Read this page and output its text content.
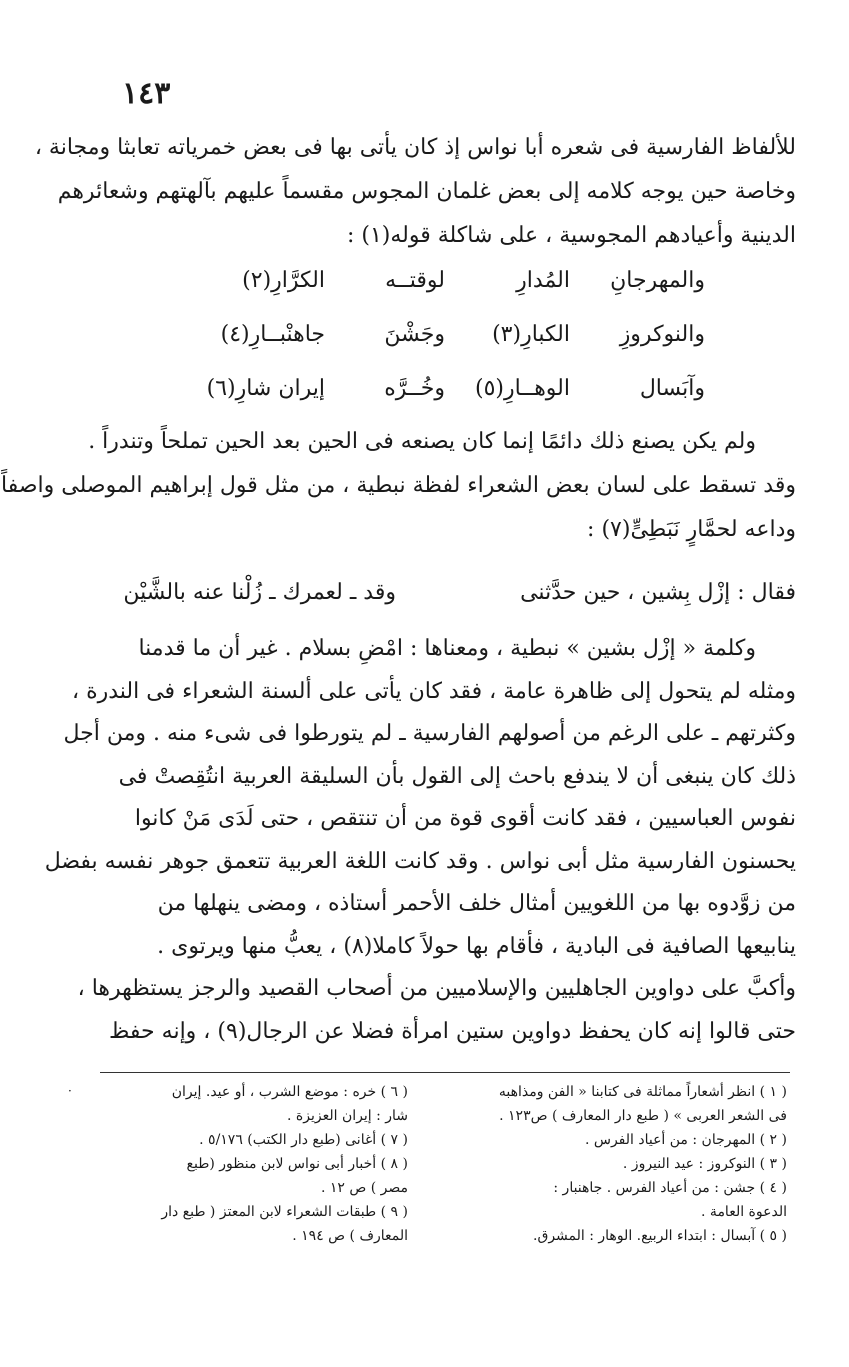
١٤٣
للألفاظ الفارسية فى شعره أبا نواس إذ كان يأتى بها فى بعض خمرياته تعابثا ومجانة ،
وخاصة حين يوجه كلامه إلى بعض غلمان المجوس مقسماً عليهم بآلهتهم وشعائرهم
الدينية وأعيادهم المجوسية ، على شاكلة قوله(١) :
والمهرجانِ
المُدارِ
لوقتــه
الكرَّارِ(٢)
والنوكروزِ
الكبارِ(٣)
وجَشْنَ
جاهنْبــارِ(٤)
وآبَسال
الوهــارِ(٥)
وخُــرَّه
إيران شارِ(٦)
ولم يكن يصنع ذلك دائمًا إنما كان يصنعه فى الحين بعد الحين تملحاً وتندراً .
وقد تسقط على لسان بعض الشعراء لفظة نبطية ، من مثل قول إبراهيم الموصلى واصفاً
وداعه لحمَّارٍ نَبَطِىٍّ(٧) :
فقال : إزْل بِشين ، حين حدَّثنى
وقد ـ لعمرك ـ زُلْنا عنه بالشَّيْن
وكلمة « إزْل بشين » نبطية ، ومعناها : امْضِ بسلام . غير أن ما قدمنا
ومثله لم يتحول إلى ظاهرة عامة ، فقد كان يأتى على ألسنة الشعراء فى الندرة ،
وكثرتهم ـ على الرغم من أصولهم الفارسية ـ لم يتورطوا فى شىء منه . ومن أجل
ذلك كان ينبغى أن لا يندفع باحث إلى القول بأن السليقة العربية انتُقِصتْ فى
نفوس العباسيين ، فقد كانت أقوى قوة من أن تنتقص ، حتى لَدَى مَنْ كانوا
يحسنون الفارسية مثل أبى نواس . وقد كانت اللغة العربية تتعمق جوهر نفسه بفضل
من زوَّدوه بها من اللغويين أمثال خلف الأحمر أستاذه ، ومضى ينهلها من
ينابيعها الصافية فى البادية ، فأقام بها حولاً كاملا(٨) ، يعبُّ منها ويرتوى .
وأكبَّ على دواوين الجاهليين والإسلاميين من أصحاب القصيد والرجز يستظهرها ،
حتى قالوا إنه كان يحفظ دواوين ستين امرأة فضلا عن الرجال(٩) ، وإنه حفظ
·	( ١ ) انظر أشعاراً مماثلة فى كتابنا « الفن ومذاهبه
فى الشعر العربى » ( طبع دار المعارف ) ص١٢٣ .
( ٢ ) المهرجان : من أعياد الفرس .
( ٣ ) النوكروز : عيد النيروز .
( ٤ ) جشن : من أعياد الفرس . جاهنبار :
الدعوة العامة .
( ٥ ) آبسال : ابتداء الربيع. الوهار : المشرق.
( ٦ ) خره : موضع الشرب ، أو عيد. إيران
شار : إيران العزيزة .
( ٧ ) أغانى (طبع دار الكتب) ٥/١٧٦ .
( ٨ ) أخبار أبى نواس لابن منظور (طبع
مصر ) ص ١٢ .
( ٩ ) طبقات الشعراء لابن المعتز ( طبع دار
المعارف ) ص ١٩٤ .
